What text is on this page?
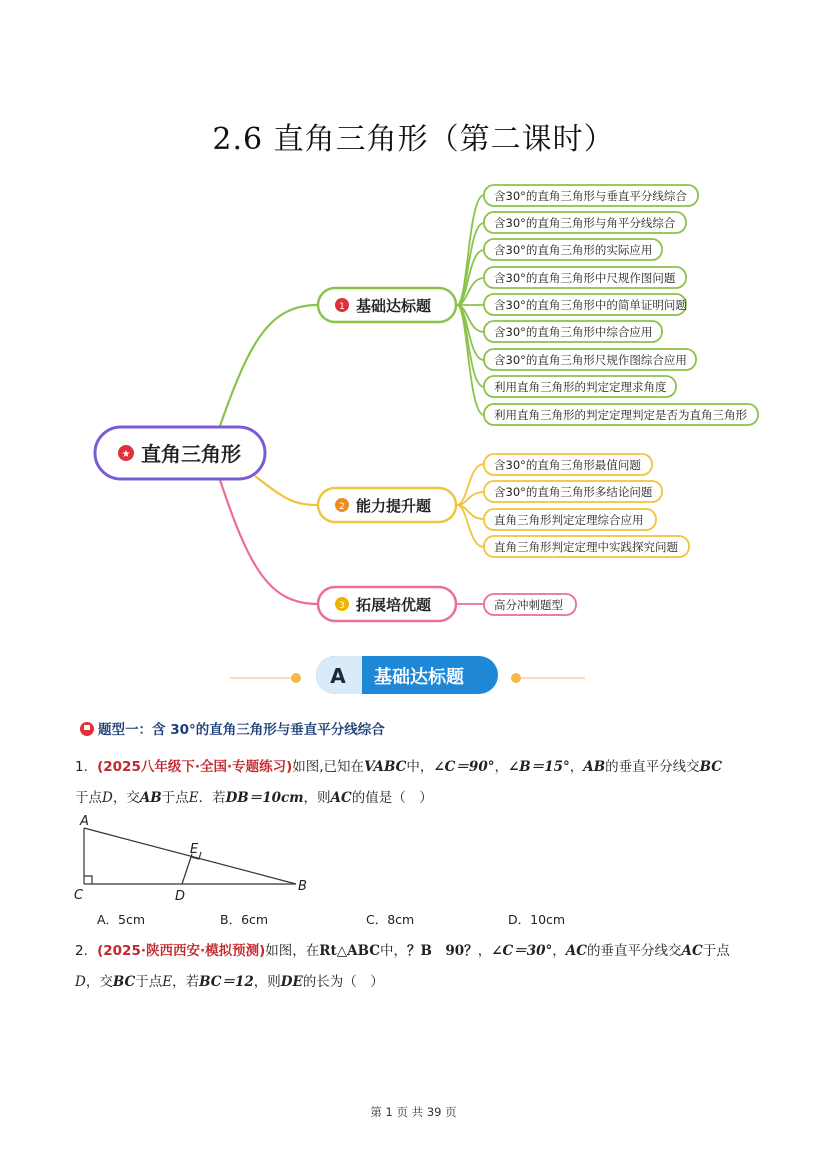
2.6 直角三角形（第二课时）
★ 直角三角形
1 基础达标题
2 能力提升题
3 拓展培优题
含30°的直角三角形与垂直平分线综合
含30°的直角三角形与角平分线综合
含30°的直角三角形的实际应用
含30°的直角三角形中尺规作图问题
含30°的直角三角形中的简单证明问题
含30°的直角三角形中综合应用
含30°的直角三角形尺规作图综合应用
利用直角三角形的判定定理求角度
利用直角三角形的判定定理判定是否为直角三角形
含30°的直角三角形最值问题
含30°的直角三角形多结论问题
直角三角形判定定理综合应用
直角三角形判定定理中实践探究问题
高分冲刺题型
A 基础达标题
题型一：含 30°的直角三角形与垂直平分线综合
1．(2025八年级下·全国·专题练习)如图,已知在VABC中，∠C＝90°，∠B＝15°，AB的垂直平分线交BC
于点D，交AB于点E．若DB＝10cm，则AC的值是（　）
A
C	D
E
B
A．5cm	B．6cm	C．8cm	D．10cm
2．(2025·陕西西安·模拟预测)如图，在Rt△ABC中，？B　90？，∠C＝30°，AC的垂直平分线交AC于点
D，交BC于点E，若BC＝12，则DE的长为（　）
第 1 页 共 39 页
